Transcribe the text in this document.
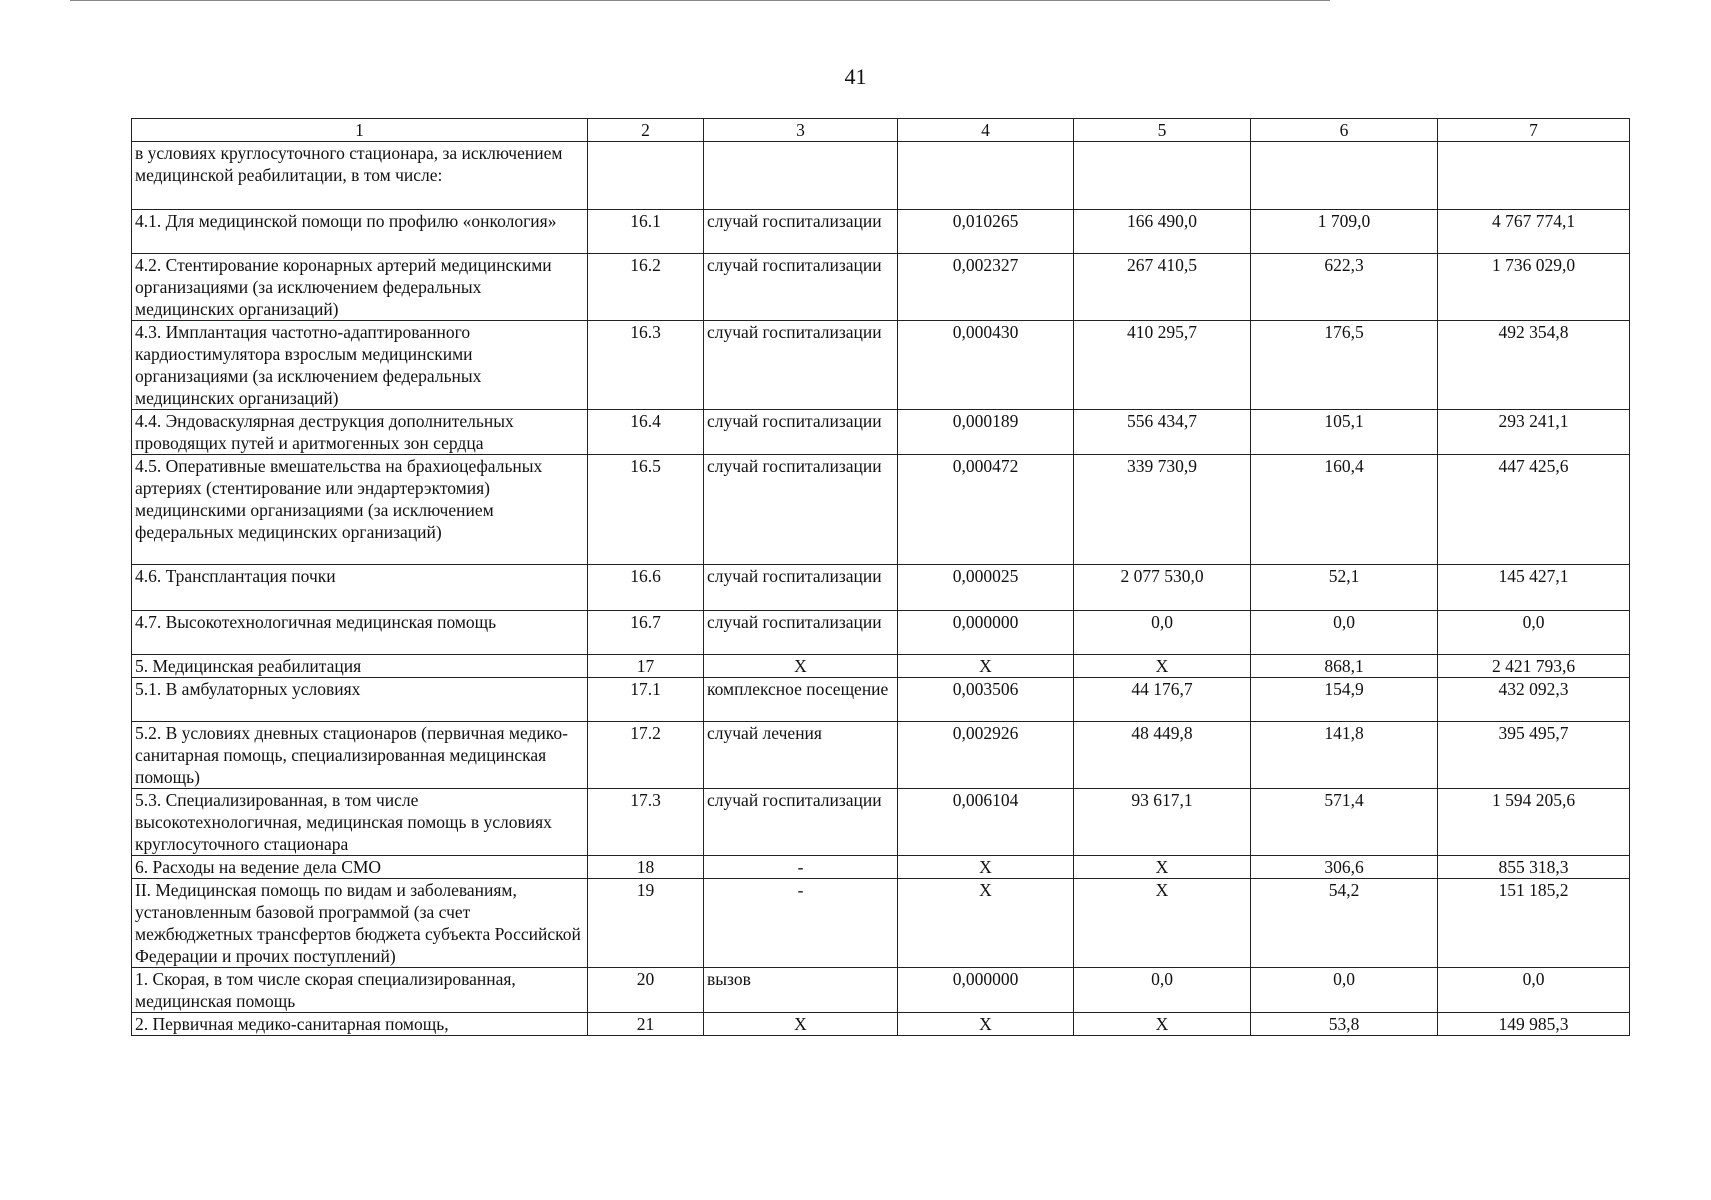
41
1	2	3	4	5	6	7
в условиях круглосуточного стационара, за исключением медицинской реабилитации, в том числе:						
4.1. Для медицинской помощи по профилю «онкология»	16.1	случай госпитализации	0,010265	166 490,0	1 709,0	4 767 774,1
4.2. Стентирование коронарных артерий медицинскими организациями (за исключением федеральных медицинских организаций)	16.2	случай госпитализации	0,002327	267 410,5	622,3	1 736 029,0
4.3. Имплантация частотно-адаптированного кардиостимулятора взрослым медицинскими организациями (за исключением федеральных медицинских организаций)	16.3	случай госпитализации	0,000430	410 295,7	176,5	492 354,8
4.4. Эндоваскулярная деструкция дополнительных проводящих путей и аритмогенных зон сердца	16.4	случай госпитализации	0,000189	556 434,7	105,1	293 241,1
4.5. Оперативные вмешательства на брахиоцефальных артериях (стентирование или эндартерэктомия) медицинскими организациями (за исключением федеральных медицинских организаций)	16.5	случай госпитализации	0,000472	339 730,9	160,4	447 425,6
4.6. Трансплантация почки	16.6	случай госпитализации	0,000025	2 077 530,0	52,1	145 427,1
4.7. Высокотехнологичная медицинская помощь	16.7	случай госпитализации	0,000000	0,0	0,0	0,0
5. Медицинская реабилитация	17	Х	Х	Х	868,1	2 421 793,6
5.1. В амбулаторных условиях	17.1	комплексное посещение	0,003506	44 176,7	154,9	432 092,3
5.2. В условиях дневных стационаров (первичная медико-санитарная помощь, специализированная медицинская помощь)	17.2	случай лечения	0,002926	48 449,8	141,8	395 495,7
5.3. Специализированная, в том числе высокотехнологичная, медицинская помощь в условиях круглосуточного стационара	17.3	случай госпитализации	0,006104	93 617,1	571,4	1 594 205,6
6. Расходы на ведение дела СМО	18	-	Х	Х	306,6	855 318,3
II. Медицинская помощь по видам и заболеваниям, установленным базовой программой (за счет межбюджетных трансфертов бюджета субъекта Российской Федерации и прочих поступлений)	19	-	Х	Х	54,2	151 185,2
1. Скорая, в том числе скорая специализированная, медицинская помощь	20	вызов	0,000000	0,0	0,0	0,0
2. Первичная медико-санитарная помощь,	21	Х	Х	Х	53,8	149 985,3
